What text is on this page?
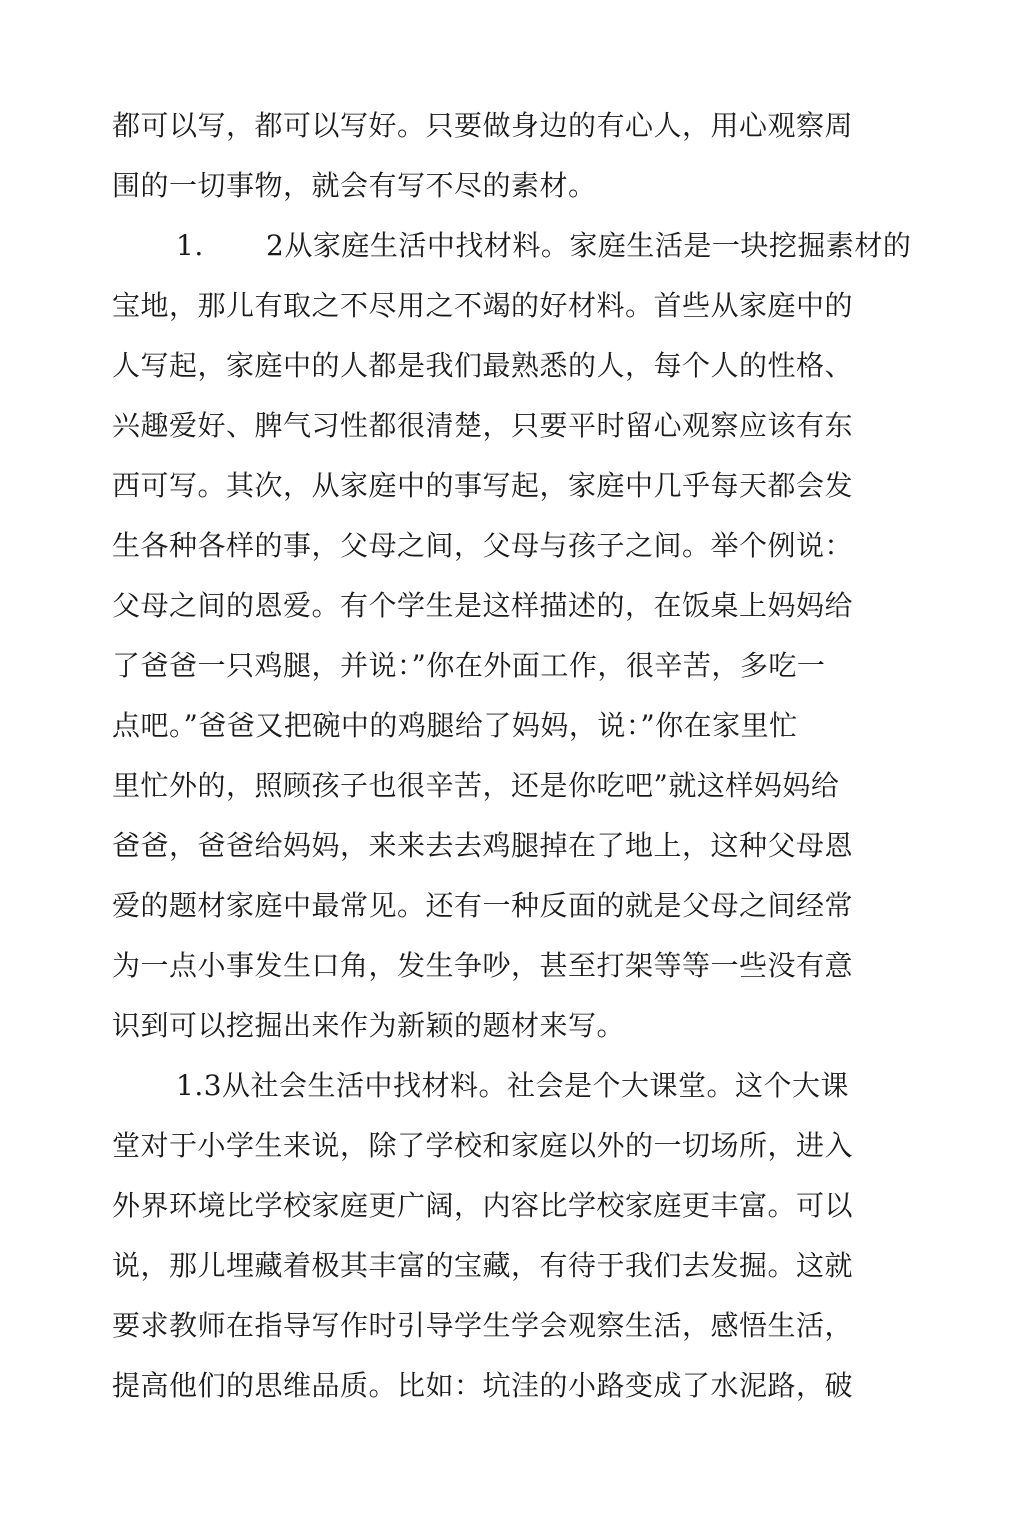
都可以写，都可以写好。只要做身边的有心人，用心观察周
围的一切事物，就会有写不尽的素材。
1. 2从家庭生活中找材料。家庭生活是一块挖掘素材的
宝地，那儿有取之不尽用之不竭的好材料。首些从家庭中的
人写起，家庭中的人都是我们最熟悉的人，每个人的性格、
兴趣爱好、脾气习性都很清楚，只要平时留心观察应该有东
西可写。其次，从家庭中的事写起，家庭中几乎每天都会发
生各种各样的事，父母之间，父母与孩子之间。举个例说：
父母之间的恩爱。有个学生是这样描述的，在饭桌上妈妈给
了爸爸一只鸡腿，并说：”你在外面工作，很辛苦，多吃一
点吧。”爸爸又把碗中的鸡腿给了妈妈，说：”你在家里忙
里忙外的，照顾孩子也很辛苦，还是你吃吧”就这样妈妈给
爸爸，爸爸给妈妈，来来去去鸡腿掉在了地上，这种父母恩
爱的题材家庭中最常见。还有一种反面的就是父母之间经常
为一点小事发生口角，发生争吵，甚至打架等等一些没有意
识到可以挖掘出来作为新颖的题材来写。
1.3从社会生活中找材料。社会是个大课堂。这个大课
堂对于小学生来说，除了学校和家庭以外的一切场所，进入
外界环境比学校家庭更广阔，内容比学校家庭更丰富。可以
说，那儿埋藏着极其丰富的宝藏，有待于我们去发掘。这就
要求教师在指导写作时引导学生学会观察生活，感悟生活，
提高他们的思维品质。比如：坑洼的小路变成了水泥路，破
